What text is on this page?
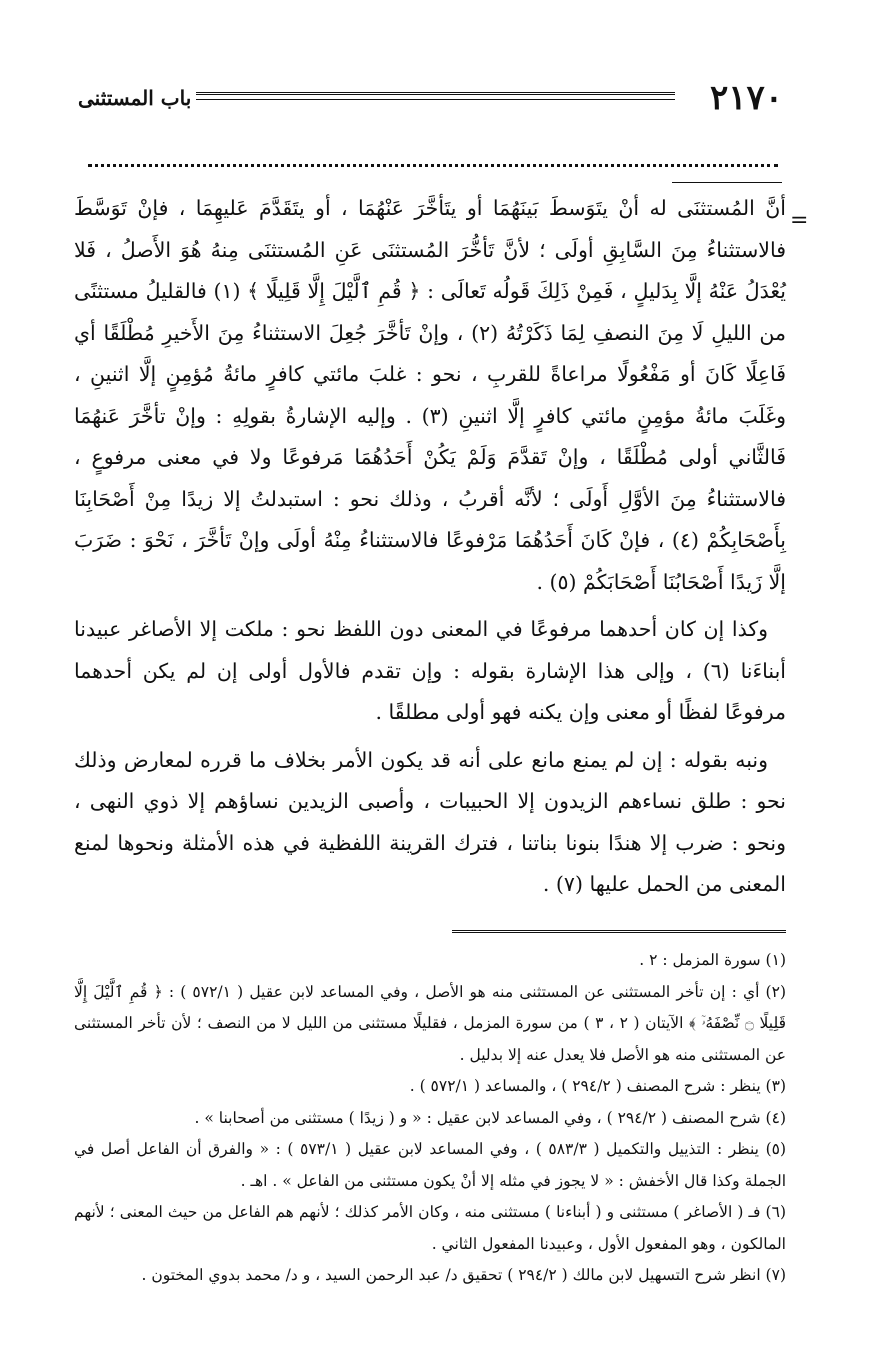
٢١٧٠
باب المستثنى
=

أنَّ المُستثنَى له أنْ يتَوَسطَ بَينَهُمَا أو يتَأخَّرَ عَنْهُمَا ، أو يتَقَدَّمَ عَليهِمَا ، فإنْ تَوَسَّطَ فالاستثناءُ مِنَ السَّابِقِ أولَى ؛ لأنَّ تَأخُّرَ المُستثنَى عَنِ المُستثنَى مِنهُ هُوَ الأَصلُ ، فَلا يُعْدَلُ عَنْهُ إلَّا بِدَليلٍ ، فَمِنْ ذَلِكَ قَولُه تَعالَى : ﴿ قُمِ ٱلَّيْلَ إِلَّا قَلِيلًا ﴾ (١) فالقليلُ مستثنًى من الليلِ لَا مِنَ النصفِ لِمَا ذَكَرْتُهُ (٢) ، وإنْ تَأخَّرَ جُعِلَ الاستثناءُ مِنَ الأَخيرِ مُطْلَقًا أي فَاعِلًا كَانَ أو مَفْعُولًا مراعاةً للقربِ ، نحو : غلبَ مائتي كافرٍ مائةُ مُؤمِنٍ إلَّا اثنينِ ، وغَلَبَ مائةُ مؤمِنٍ مائتي كافرٍ إلَّا اثنينِ (٣) . وإليه الإشارةُ بقولِهِ : وإنْ تأخَّرَ عَنهُمَا فَالثَّاني أولى مُطْلَقًا ، وإنْ تَقدَّمَ وَلَمْ يَكُنْ أَحَدُهُمَا مَرفوعًا ولا في معنى مرفوعٍ ، فالاستثناءُ مِنَ الأوَّلِ أَولَى ؛ لأنَّه أقربُ ، وذلك نحو : استبدلتُ إلا زيدًا مِنْ أَصْحَابِنَا بِأَصْحَابِكُمْ (٤) ، فإنْ كَانَ أَحَدُهُمَا مَرْفوعًا فالاستثناءُ مِنْهُ أولَى وإنْ تَأخَّرَ ، نَحْوَ : ضَرَبَ إلَّا زَيدًا أَصْحَابُنَا أَصْحَابَكُمْ (٥) .

وكذا إن كان أحدهما مرفوعًا في المعنى دون اللفظ نحو : ملكت إلا الأصاغر عبيدنا أبناءَنا (٦) ، وإلى هذا الإشارة بقوله : وإن تقدم فالأول أولى إن لم يكن أحدهما مرفوعًا لفظًا أو معنى وإن يكنه فهو أولى مطلقًا .

ونبه بقوله : إن لم يمنع مانع على أنه قد يكون الأمر بخلاف ما قرره لمعارض وذلك نحو : طلق نساءهم الزيدون إلا الحبيبات ، وأصبى الزيدين نساؤهم إلا ذوي النهى ، ونحو : ضرب إلا هندًا بنونا بناتنا ، فترك القرينة اللفظية في هذه الأمثلة ونحوها لمنع المعنى من الحمل عليها (٧) .

(١) سورة المزمل : ٢ .
(٢) أي : إن تأخر المستثنى عن المستثنى منه هو الأصل ، وفي المساعد لابن عقيل ( ٥٧٢/١ ) : ﴿ قُمِ ٱلَّيْلَ إِلَّا قَلِيلًا ۝ نِّصْفَهُۥٓ ﴾ الآيتان ( ٢ ، ٣ ) من سورة المزمل ، فقليلًا مستثنى من الليل لا من النصف ؛ لأن تأخر المستثنى عن المستثنى منه هو الأصل فلا يعدل عنه إلا بدليل .
(٣) ينظر : شرح المصنف ( ٢٩٤/٢ ) ، والمساعد ( ٥٧٢/١ ) .
(٤) شرح المصنف ( ٢٩٤/٢ ) ، وفي المساعد لابن عقيل : « و ( زيدًا ) مستثنى من أصحابنا » .
(٥) ينظر : التذييل والتكميل ( ٥٨٣/٣ ) ، وفي المساعد لابن عقيل ( ٥٧٣/١ ) : « والفرق أن الفاعل أصل في الجملة وكذا قال الأخفش : « لا يجوز في مثله إلا أنْ يكون مستثنى من الفاعل » . اهـ .
(٦) فـ ( الأصاغر ) مستثنى و ( أبناءنا ) مستثنى منه ، وكان الأمر كذلك ؛ لأنهم هم الفاعل من حيث المعنى ؛ لأنهم المالكون ، وهو المفعول الأول ، وعبيدنا المفعول الثاني .
(٧) انظر شرح التسهيل لابن مالك ( ٢٩٤/٢ ) تحقيق د/ عبد الرحمن السيد ، و د/ محمد بدوي المختون .
